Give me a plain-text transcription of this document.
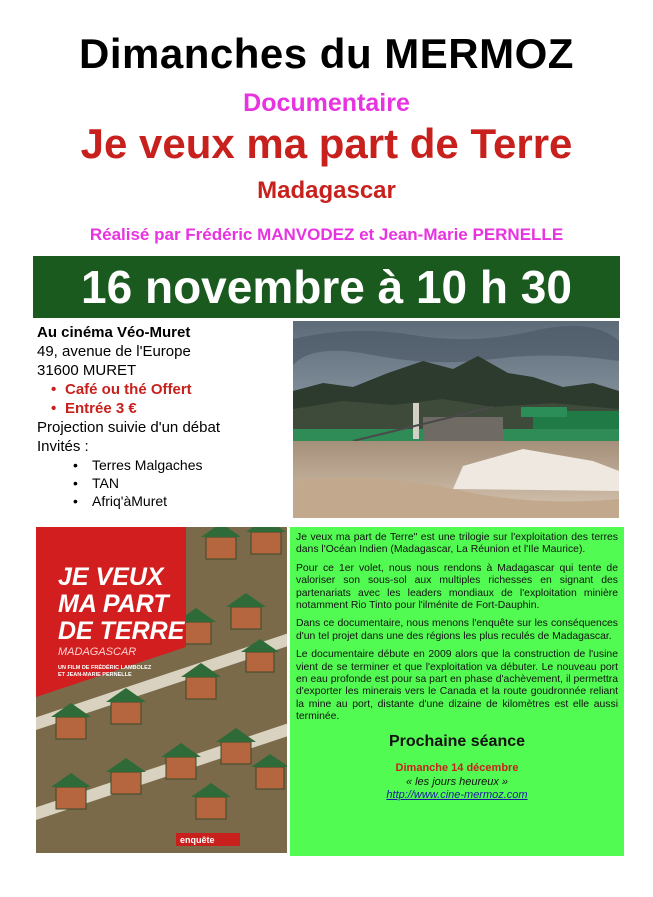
Dimanches du MERMOZ
Documentaire
Je veux ma part de Terre
Madagascar
Réalisé par Frédéric MANVODEZ et Jean-Marie PERNELLE
16 novembre à 10 h 30
Au cinéma Véo-Muret
49, avenue de l'Europe
31600 MURET
• Café ou thé Offert
• Entrée 3 €
Projection suivie d'un débat
Invités :
• Terres Malgaches
• TAN
• Afriq'àMuret
JE VEUX
MA PART
DE TERRE
MADAGASCAR
UN FILM DE FRÉDÉRIC LAMBOLEZ
ET JEAN-MARIE PERNELLE
enquête

Je veux ma part de Terre" est une trilogie sur l'exploitation des terres dans l'Océan Indien (Madagascar, La Réunion et l'Ile Maurice).

Pour ce 1er volet, nous nous rendons à Madagascar qui tente de valoriser son sous-sol aux multiples richesses en signant des partenariats avec les leaders mondiaux de l'exploitation minière notamment Rio Tinto pour l'ilménite de Fort-Dauphin.

Dans ce documentaire, nous menons l'enquête sur les conséquences d'un tel projet dans une des régions les plus reculés de Madagascar.

Le documentaire débute en 2009 alors que la construction de l'usine vient de se terminer et que l'exploitation va débuter. Le nouveau port en eau profonde est pour sa part en phase d'achèvement, il permettra d'exporter les minerais vers le Canada et la route goudronnée reliant la mine au port, distante d'une dizaine de kilomètres est elle aussi terminée.

Prochaine séance
Dimanche 14 décembre
« les jours heureux »
http://www.cine-mermoz.com
